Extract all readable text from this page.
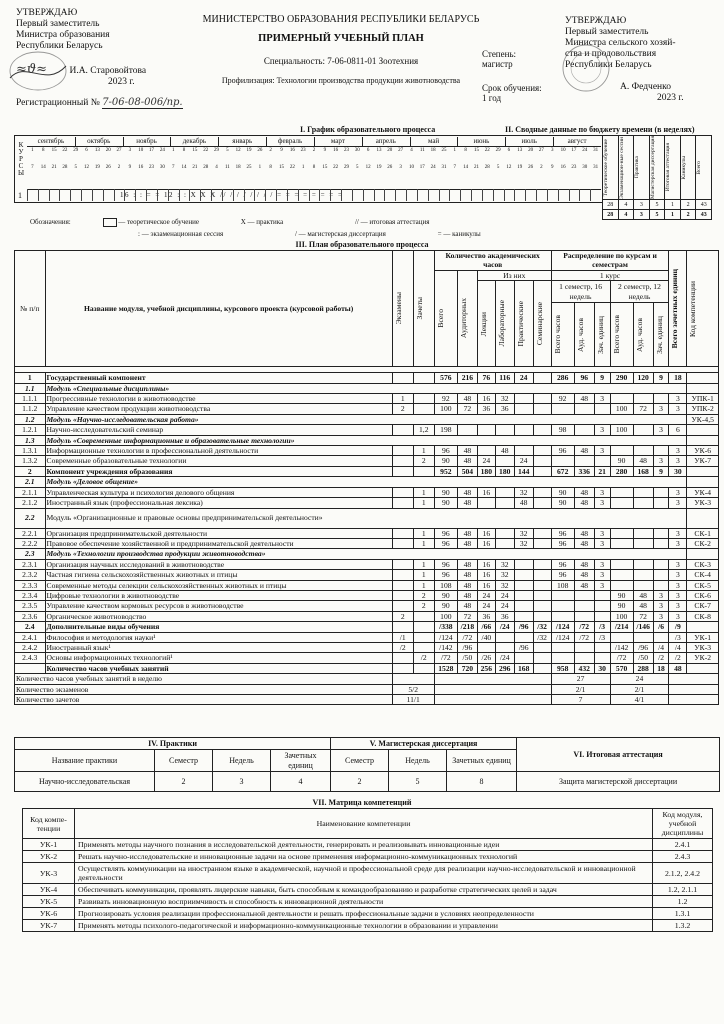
УТВЕРЖДАЮ
Первый заместитель
Министра образования
Республики Беларусь
≈ϑ≈ И.А. Старовойтова
2023 г.
Регистрационный № 7-06-08-006/пр.
МИНИСТЕРСТВО ОБРАЗОВАНИЯ РЕСПУБЛИКИ БЕЛАРУСЬ
ПРИМЕРНЫЙ УЧЕБНЫЙ ПЛАН
Специальность: 7-06-0811-01 Зоотехния
Профилизация: Технологии производства продукции животноводства
Степень:
магистр
Срок обучения:
1 год
УТВЕРЖДАЮ
Первый заместитель
Министра сельского хозяй-
ства и продовольствия
Республики Беларусь
А. Федченко
2023 г.
I. График образовательного процесса	II. Сводные данные по бюджету времени (в неделях)
К У Р С Ы
сентябрь	октябрь	ноябрь	декабрь	январь	февраль	март	апрель	май	июнь	июль	август
1	8	15	22	29	6	13	20	27	3	10	17	24	1	8	15	22	29	5	12	19	26	2	9	16	23	2	9	16	23	30	6	13	20	27	4	11	18	25	1	8	15	22	29	6	13	20	27	3	10	17	24	31
7	14	21	28	5	12	19	26	2	9	16	23	30	7	14	21	28	4	11	18	25	1	8	15	22	1	8	15	22	29	5	12	19	26	3	10	17	24	31	7	14	21	28	5	12	19	26	2	9	16	23	30	31
1	16 : : = = 12 : : X X X // / / / / / / / = = = = = = = =	Теоретическое обучение	Экзаменацион-ные сессии	Практика	Магистерская диссертация	Итоговая аттестация	Каникулы	Всего

28	4	3	5	1	2	43
28	4	3	5	1	2	43
Обозначения:	— теоретическое обучение	X — практика	// — итоговая аттестация
: — экзаменационная сессия	/ — магистерская диссертация	= — каникулы
III. План образовательного процесса
№ п/п	Название модуля, учебной дисциплины, курсового проекта (курсовой работы)	Экзамены	Зачеты	Количество академических часов						Распределение по курсам и семестрам						Всего зачетных единиц	Код компетенции

				Всего	Аудиторных	Из них				1 курс							

						Лекции	Лабораторные	Практические	Семинарские	1 семестр, 16 недель			2 семестр, 12 недель				

										Всего часов	Ауд. часов	Зач. единиц	Всего часов	Ауд. часов	Зач. единиц		

1	Государственный компонент			576	216	76	116	24		286	96	9	290	120	9	18	
1.1	Модуль «Специальные дисциплины»																
1.1.1	Прогрессивные технологии в животноводстве	1		92	48	16	32			92	48	3				3	УПК-1
1.1.2	Управление качеством продукции животноводства	2		100	72	36	36						100	72	3	3	УПК-2
1.2	Модуль «Научно-исследовательская работа»																УК-4,5
1.2.1	Научно-исследовательский семинар		1,2	198						98		3	100		3	6	
1.3	Модуль «Современные информационные и образовательные технологии»																
1.3.1	Информационные технологии в профессиональной деятельности		1	96	48		48			96	48	3				3	УК-6
1.3.2	Современные образовательные технологии		2	90	48	24		24					90	48	3	3	УК-7
2	Компонент учреждения образования			952	504	180	180	144		672	336	21	280	168	9	30	
2.1	Модуль «Деловое общение»																
2.1.1	Управленческая культура и психология делового общения		1	90	48	16		32		90	48	3				3	УК-4
2.1.2	Иностранный язык (профессиональная лексика)		1	90	48			48		90	48	3				3	УК-3
2.2	Модуль «Организационные и правовые основы предпринимательской деятельности»																
2.2.1	Организация предпринимательской деятельности		1	96	48	16		32		96	48	3				3	СК-1
2.2.2	Правовое обеспечение хозяйственной и предпринимательской деятельности		1	96	48	16		32		96	48	3				3	СК-2
2.3	Модуль «Технологии производства продукции животноводства»																
2.3.1	Организация научных исследований в животноводстве		1	96	48	16	32			96	48	3				3	СК-3
2.3.2	Частная гигиена сельскохозяйственных животных и птицы		1	96	48	16	32			96	48	3				3	СК-4
2.3.3	Современные методы селекции сельскохозяйственных животных и птицы		1	108	48	16	32			108	48	3				3	СК-5
2.3.4	Цифровые технологии в животноводстве		2	90	48	24	24						90	48	3	3	СК-6
2.3.5	Управление качеством кормовых ресурсов в животноводстве		2	90	48	24	24						90	48	3	3	СК-7
2.3.6	Органическое животноводство	2		100	72	36	36						100	72	3	3	СК-8
2.4	Дополнительные виды обучения			/338	/218	/66	/24	/96	/32	/124	/72	/3	/214	/146	/6	/9	
2.4.1	Философия и методология науки¹	/1		/124	/72	/40			/32	/124	/72	/3				/3	УК-1
2.4.2	Иностранный язык¹	/2		/142	/96			/96					/142	/96	/4	/4	УК-3
2.4.3	Основы информационных технологий¹		/2	/72	/50	/26	/24						/72	/50	/2	/2	УК-2
	Количество часов учебных занятий			1528	720	256	296	168		958	432	30	570	288	18	48	
Количество часов учебных занятий в неделю										27			24				
Количество экзаменов		5/2								2/1			2/1				
Количество зачетов		11/1								7			4/1				
IV. Практики				V. Магистерская диссертация			VI. Итоговая аттестация
Название практики	Семестр	Недель	Зачетных единиц	Семестр	Недель	Зачетных единиц	
Научно-исследовательская	2	3	4	2	5	8	Защита магистерской диссертации
VII. Матрица компетенций
Код компе-тенции	Наименование компетенции	Код модуля, учебной дисциплины
УК-1	Применять методы научного познания в исследовательской деятельности, генерировать и реализовывать инновационные идеи	2.4.1
УК-2	Решать научно-исследовательские и инновационные задачи на основе применения информационно-коммуникационных технологий	2.4.3
УК-3	Осуществлять коммуникации на иностранном языке в академической, научной и профессиональной среде для реализации научно-исследовательской и инновационной деятельности	2.1.2, 2.4.2
УК-4	Обеспечивать коммуникации, проявлять лидерские навыки, быть способным к командообразованию и разработке стратегических целей и задач	1.2, 2.1.1
УК-5	Развивать инновационную восприимчивость и способность к инновационной деятельности	1.2
УК-6	Прогнозировать условия реализации профессиональной деятельности и решать профессиональные задачи в условиях неопределенности	1.3.1
УК-7	Применять методы психолого-педагогической и информационно-коммуникационные технологии в образовании и управлении	1.3.2
